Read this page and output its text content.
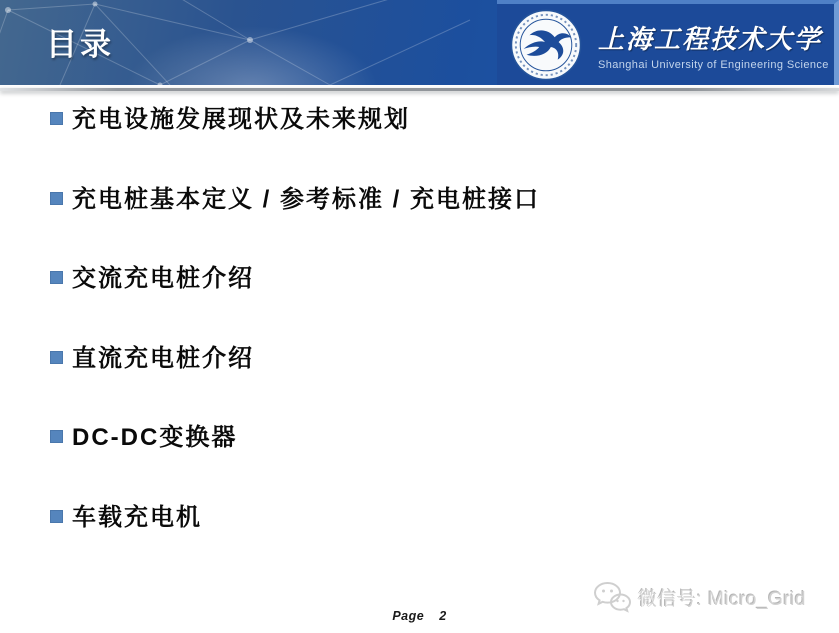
目录	上海工程技术大学
Shanghai University of Engineering Science
充电设施发展现状及未来规划
充电桩基本定义 / 参考标准 / 充电桩接口
交流充电桩介绍
直流充电桩介绍
DC-DC变换器
车载充电机
Page 2
微信号: Micro_Grid
